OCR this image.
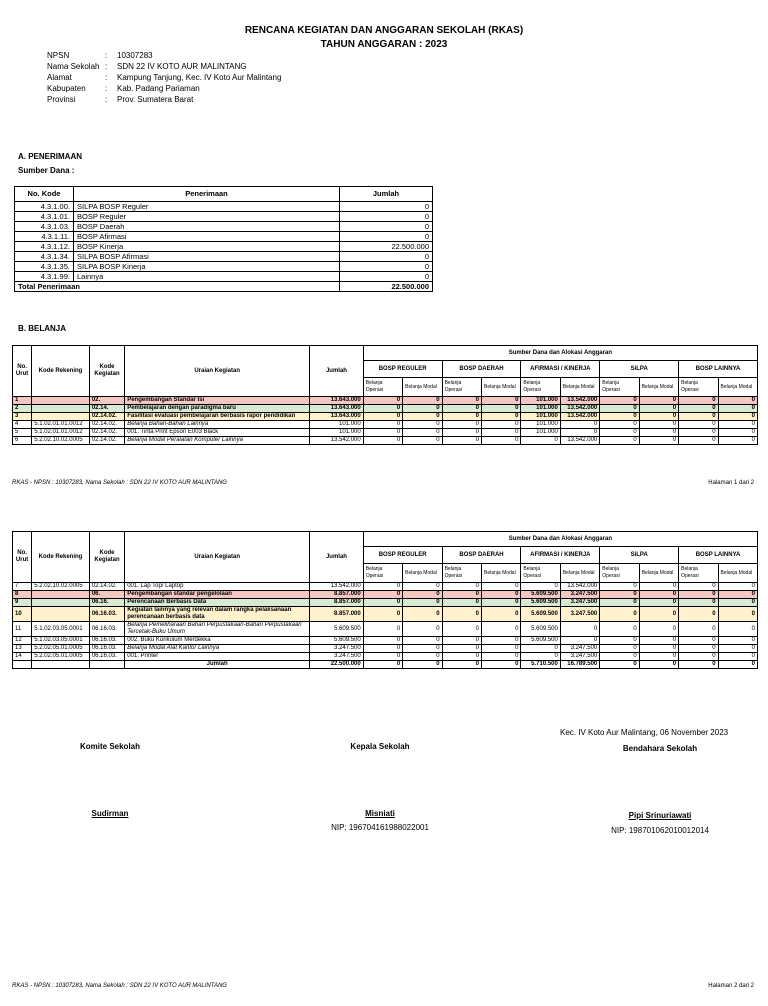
RENCANA KEGIATAN DAN ANGGARAN SEKOLAH (RKAS)
TAHUN ANGGARAN : 2023
NPSN	:	10307283
Nama Sekolah	:	SDN 22 IV KOTO AUR MALINTANG
Alamat	:	Kampung Tanjung, Kec. IV Koto Aur Malintang
Kabupaten	:	Kab. Padang Pariaman
Provinsi	:	Prov. Sumatera Barat
A. PENERIMAAN
Sumber Dana :
No. Kode	Penerimaan	Jumlah
4.3.1.00.	SILPA BOSP Reguler	0
4.3.1.01.	BOSP Reguler	0
4.3.1.03.	BOSP Daerah	0
4.3.1.11.	BOSP Afirmasi	0
4.3.1.12.	BOSP Kinerja	22.500.000
4.3.1.34.	SILPA BOSP Afirmasi	0
4.3.1.35.	SILPA BOSP Kinerja	0
4.3.1.99.	Lainnya	0
Total Penerimaan		22.500.000
B. BELANJA
No. Urut	Kode Rekening	Kode Kegiatan	Uraian Kegiatan	Jumlah	Sumber Dana dan Alokasi Anggaran									
					BOSP REGULER		BOSP DAERAH		AFIRMASI / KINERJA		SiLPA		BOSP LAINNYA	
					Belanja Operasi	Belanja Modal	Belanja Operasi	Belanja Modal	Belanja Operasi	Belanja Modal	Belanja Operasi	Belanja Modal	Belanja Operasi	Belanja Modal
1		02.	Pengembangan Standar Isi	13.643.000	0	0	0	0	101.000	13.542.000	0	0	0	0
2		02.14.	Pembelajaran dengan paradigma baru	13.643.000	0	0	0	0	101.000	13.542.000	0	0	0	0
3		02.14.02.	Fasilitasi evaluasi pembelajaran berbasis rapor pendidikan	13.643.000	0	0	0	0	101.000	13.542.000	0	0	0	0
4	5.1.02.01.01.0012	02.14.02.	Belanja Bahan-Bahan Lainnya	101.000	0	0	0	0	101.000	0	0	0	0	0
5	5.1.02.01.01.0012	02.14.02.	001. Tinta Print Epson E003 Black	101.000	0	0	0	0	101.000	0	0	0	0	0
6	5.2.02.10.02.0005	02.14.02.	Belanja Modal Peralatan Komputer Lainnya	13.542.000	0	0	0	0	0	13.542.000	0	0	0	0
RKAS - NPSN : 10307283, Nama Sekolah : SDN 22 IV KOTO AUR MALINTANG	Halaman 1 dari 2
No. Urut	Kode Rekening	Kode Kegiatan	Uraian Kegiatan	Jumlah	Sumber Dana dan Alokasi Anggaran									
					BOSP REGULER		BOSP DAERAH		AFIRMASI / KINERJA		SiLPA		BOSP LAINNYA	
					Belanja Operasi	Belanja Modal	Belanja Operasi	Belanja Modal	Belanja Operasi	Belanja Modal	Belanja Operasi	Belanja Modal	Belanja Operasi	Belanja Modal
7	5.2.02.10.02.0005	02.14.02.	001. Lap Top/ Laptop	13.542.000	0	0	0	0	0	13.542.000	0	0	0	0
8		06.	Pengembangan standar pengelolaan	8.857.000	0	0	0	0	5.609.500	3.247.500	0	0	0	0
9		06.16.	Perencanaan Berbasis Data	8.857.000	0	0	0	0	5.609.500	3.247.500	0	0	0	0
10		06.16.03.	Kegiatan lainnya yang relevan dalam rangka pelaksanaan perencanaan berbasis data	8.857.000	0	0	0	0	5.609.500	3.247.500	0	0	0	0
11	5.1.02.03.05.0001	06.16.03.	Belanja Pemeliharaan Bahan Perpustakaan-Bahan Perpustakaan Tercetak-Buku Umum	5.609.500	0	0	0	0	5.609.500	0	0	0	0	0
12	5.1.02.03.05.0001	06.16.03.	002. Buku Kurikulum Merdekka	5.609.500	0	0	0	0	5.609.500	0	0	0	0	0
13	5.2.02.05.01.0005	06.16.03.	Belanja Modal Alat Kantor Lainnya	3.247.500	0	0	0	0	0	3.247.500	0	0	0	0
14	5.2.02.05.01.0005	06.16.03.	001. Printer	3.247.500	0	0	0	0	0	3.247.500	0	0	0	0
			Jumlah	22.500.000	0	0	0	0	5.710.500	16.789.500	0	0	0	0
Kec. IV Koto Aur Malintang, 06 November 2023
Komite Sekolah	Kepala Sekolah	Bendahara Sekolah
Sudirman	Misniati
NIP: 196704161988022001
Pipi Srinuriawati
NIP: 198701062010012014
RKAS - NPSN : 10307283, Nama Sekolah : SDN 22 IV KOTO AUR MALINTANG	Halaman 2 dari 2
